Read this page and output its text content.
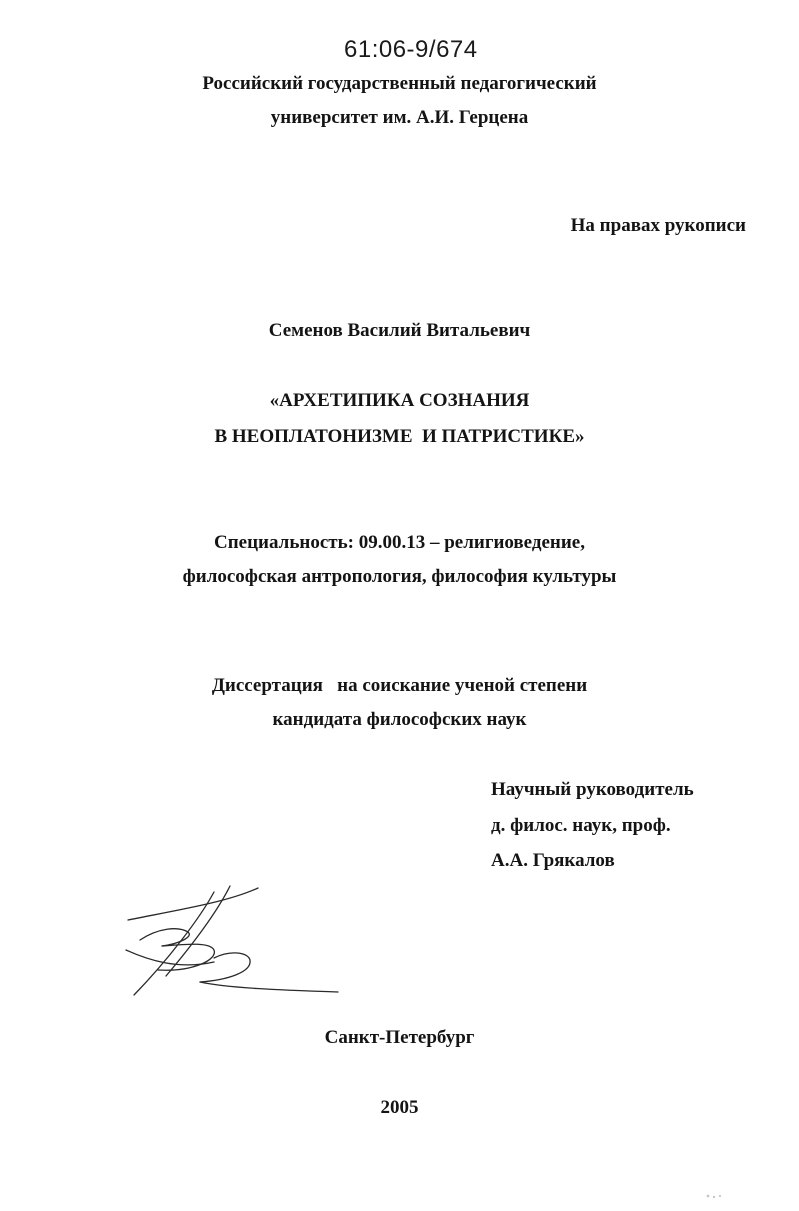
61:06-9/674
Российский государственный педагогический
университет им. А.И. Герцена
На правах рукописи
Семенов Василий Витальевич
«АРХЕТИПИКА СОЗНАНИЯ
В НЕОПЛАТОНИЗМЕ  И ПАТРИСТИКЕ»
Специальность: 09.00.13 – религиоведение,
философская антропология, философия культуры
Диссертация   на соискание ученой степени
кандидата философских наук
Научный руководитель
д. филос. наук, проф.
А.А. Грякалов
Санкт-Петербург
2005
